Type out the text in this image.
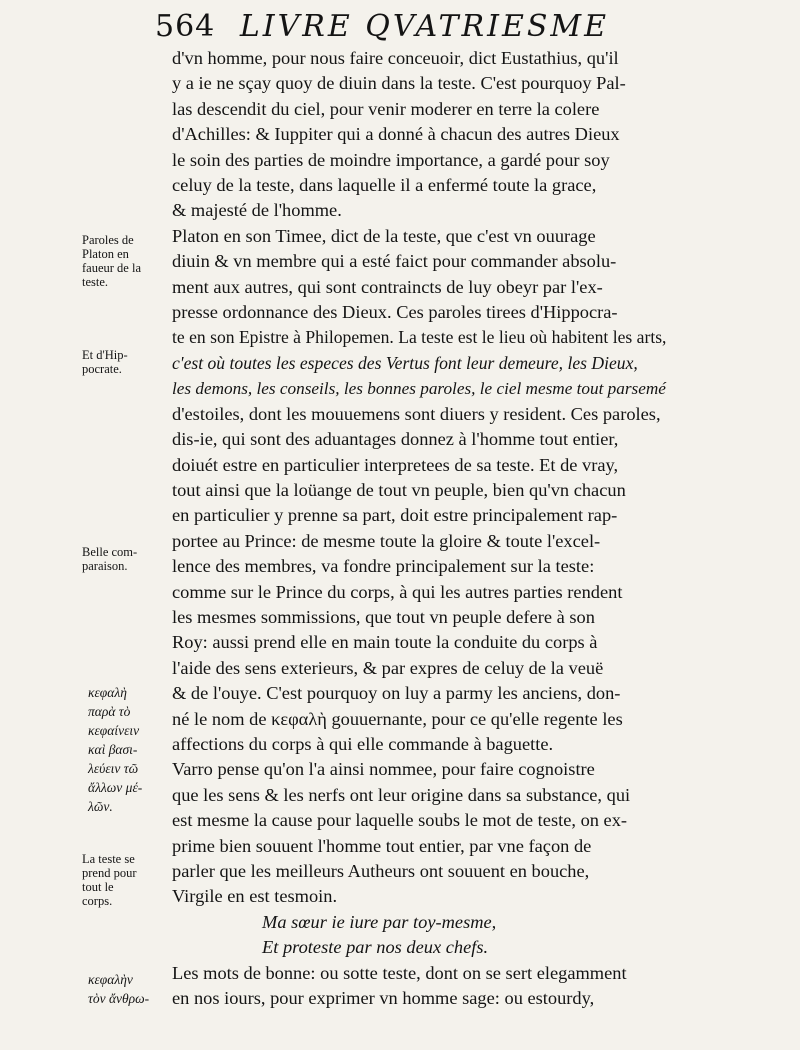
564 LIVRE QVATRIESME
d'vn homme, pour nous faire conceuoir, dict Eustathius, qu'il
y a ie ne sçay quoy de diuin dans la teste. C'est pourquoy Pal-
las descendit du ciel, pour venir moderer en terre la colere
d'Achilles: & Iuppiter qui a donné à chacun des autres Dieux
le soin des parties de moindre importance, a gardé pour soy
celuy de la teste, dans laquelle il a enfermé toute la grace,
& majesté de l'homme.
Platon en son Timee, dict de la teste, que c'est vn ouurage
diuin & vn membre qui a esté faict pour commander absolu-
ment aux autres, qui sont contraincts de luy obeyr par l'ex-
presse ordonnance des Dieux. Ces paroles tirees d'Hippocra-
te en son Epistre à Philopemen. La teste est le lieu où habitent les arts,
c'est où toutes les especes des Vertus font leur demeure, les Dieux,
les demons, les conseils, les bonnes paroles, le ciel mesme tout parsemé
d'estoiles, dont les mouuemens sont diuers y resident. Ces paroles,
dis-ie, qui sont des aduantages donnez à l'homme tout entier,
doiuét estre en particulier interpretees de sa teste. Et de vray,
tout ainsi que la loüange de tout vn peuple, bien qu'vn chacun
en particulier y prenne sa part, doit estre principalement rap-
portee au Prince: de mesme toute la gloire & toute l'excel-
lence des membres, va fondre principalement sur la teste:
comme sur le Prince du corps, à qui les autres parties rendent
les mesmes sommissions, que tout vn peuple defere à son
Roy: aussi prend elle en main toute la conduite du corps à
l'aide des sens exterieurs, & par expres de celuy de la veuë
& de l'ouye. C'est pourquoy on luy a parmy les anciens, don-
né le nom de κεφαλὴ gouuernante, pour ce qu'elle regente les
affections du corps à qui elle commande à baguette.
Varro pense qu'on l'a ainsi nommee, pour faire cognoistre
que les sens & les nerfs ont leur origine dans sa substance, qui
est mesme la cause pour laquelle soubs le mot de teste, on ex-
prime bien souuent l'homme tout entier, par vne façon de
parler que les meilleurs Autheurs ont souuent en bouche,
Virgile en est tesmoin.
Ma sœur ie iure par toy-mesme,
Et proteste par nos deux chefs.
Les mots de bonne: ou sotte teste, dont on se sert elegamment
en nos iours, pour exprimer vn homme sage: ou estourdy,
Paroles de
Platon en
faueur de la
teste.
Et d'Hip-
pocrate.
Belle com-
paraison.
κεφαλὴ
παρὰ τὸ
κεφαίνειν
καὶ βασι-
λεύειν τῶ
ἄλλων μέ-
λῶν.
La teste se
prend pour
tout le
corps.
κεφαλὴν
τὸν ἄνθρω-
